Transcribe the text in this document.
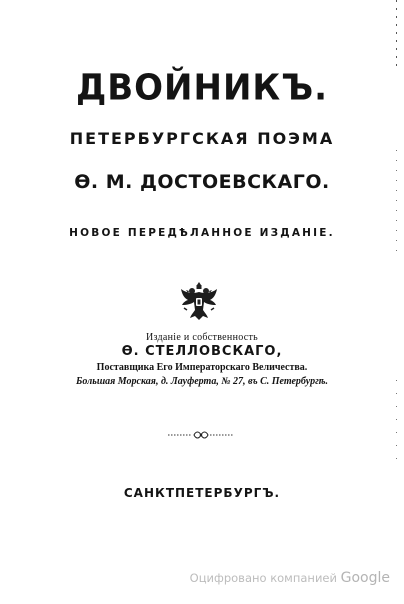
ДВОЙНИКЪ.
ПЕТЕРБУРГСКАЯ ПОЭМА
Ѳ. М. ДОСТОЕВСКАГО.
НОВОЕ ПЕРЕДѢЛАННОЕ ИЗДАНІЕ.
Изданіе и собственность
Ѳ. СТЕЛЛОВСКАГО,
Поставщика Его Императорскаго Величества.
Большая Морская, д. Лауферта, № 27, въ С. Петербургѣ.
САНКТПЕТЕРБУРГЪ.
Оцифровано компанией Google
